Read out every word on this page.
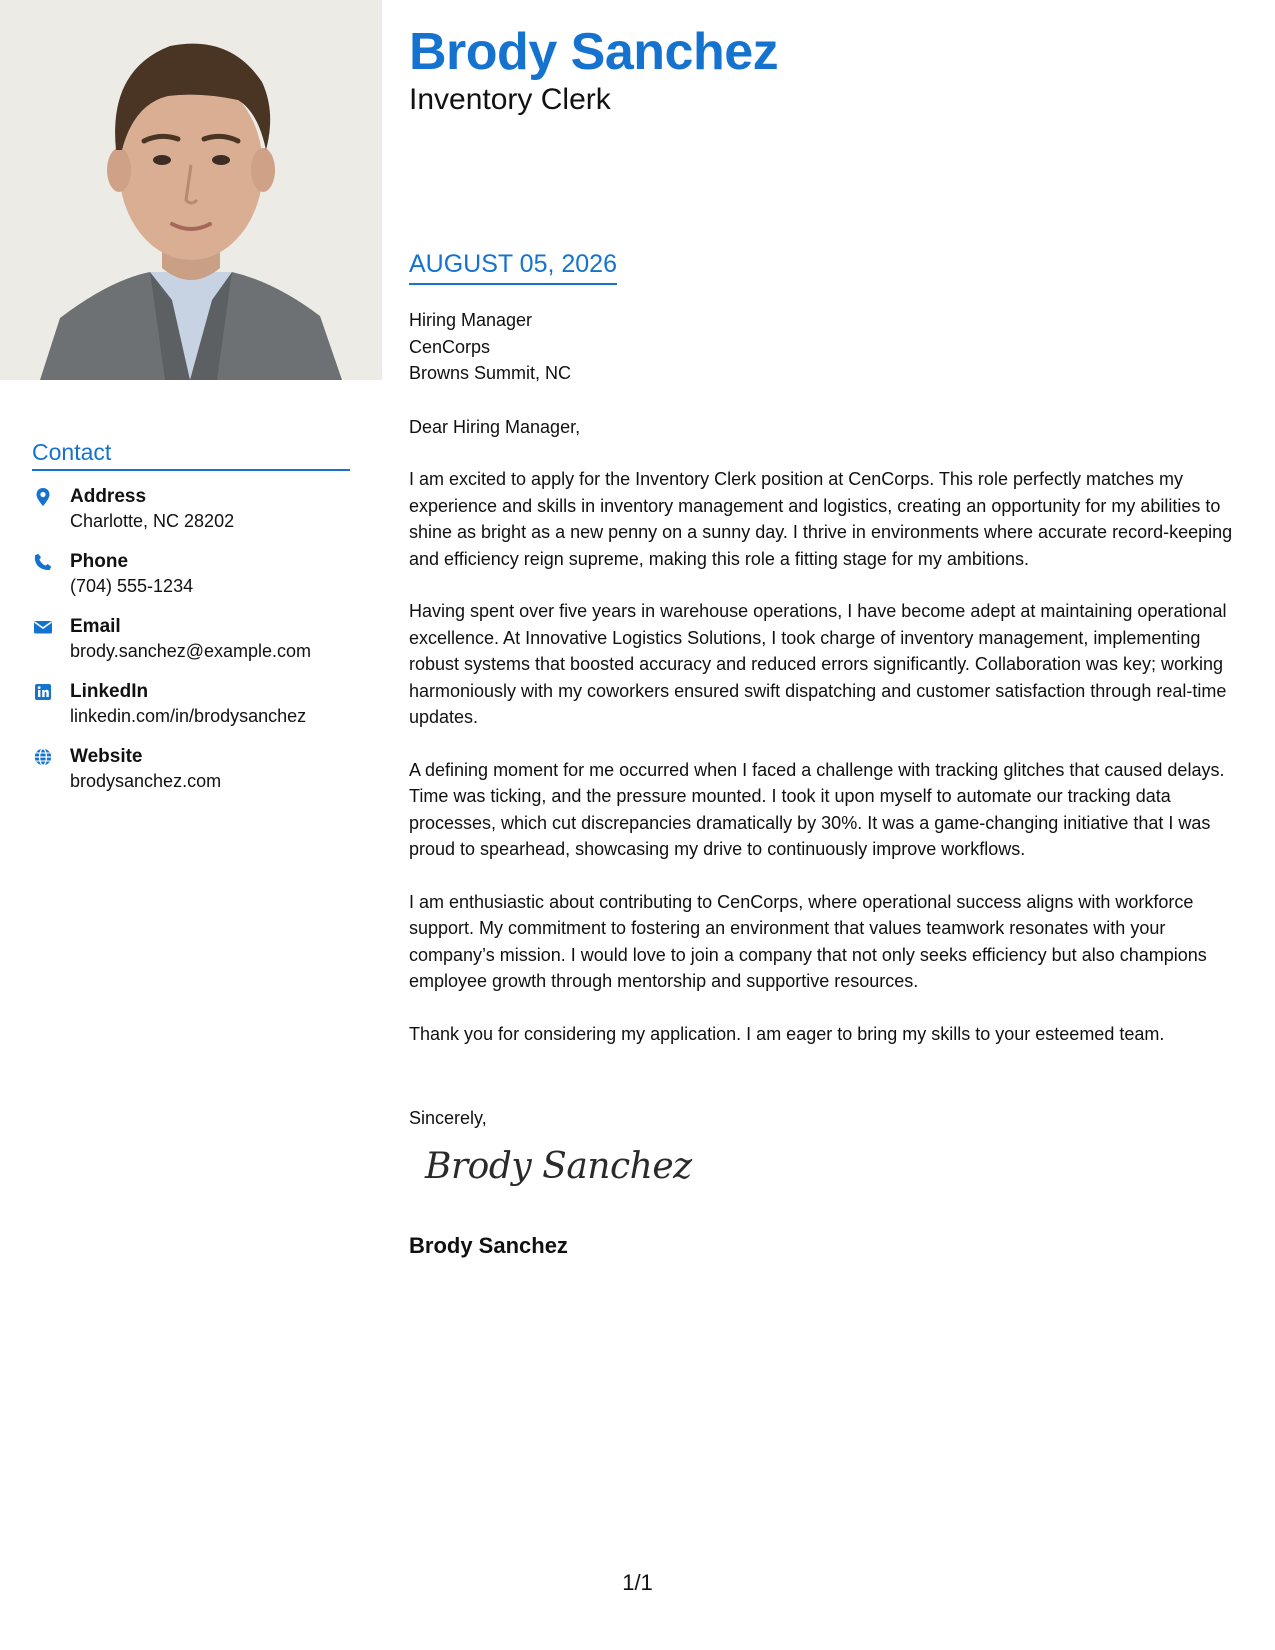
Contact
Address
Charlotte, NC 28202
Phone
(704) 555-1234
Email
brody.sanchez@example.com
LinkedIn
linkedin.com/in/brodysanchez
Website
brodysanchez.com
Brody Sanchez
Inventory Clerk
AUGUST 05, 2026

Hiring Manager

CenCorps

Browns Summit, NC

Dear Hiring Manager,

I am excited to apply for the Inventory Clerk position at CenCorps. This role perfectly matches my experience and skills in inventory management and logistics, creating an opportunity for my abilities to shine as bright as a new penny on a sunny day. I thrive in environments where accurate record-keeping and efficiency reign supreme, making this role a fitting stage for my ambitions.

Having spent over five years in warehouse operations, I have become adept at maintaining operational excellence. At Innovative Logistics Solutions, I took charge of inventory management, implementing robust systems that boosted accuracy and reduced errors significantly. Collaboration was key; working harmoniously with my coworkers ensured swift dispatching and customer satisfaction through real-time updates.

A defining moment for me occurred when I faced a challenge with tracking glitches that caused delays. Time was ticking, and the pressure mounted. I took it upon myself to automate our tracking data processes, which cut discrepancies dramatically by 30%. It was a game-changing initiative that I was proud to spearhead, showcasing my drive to continuously improve workflows.

I am enthusiastic about contributing to CenCorps, where operational success aligns with workforce support. My commitment to fostering an environment that values teamwork resonates with your company’s mission. I would love to join a company that not only seeks efficiency but also champions employee growth through mentorship and supportive resources.

Thank you for considering my application. I am eager to bring my skills to your esteemed team.

Sincerely,

Brody Sanchez
Brody Sanchez
1/1
